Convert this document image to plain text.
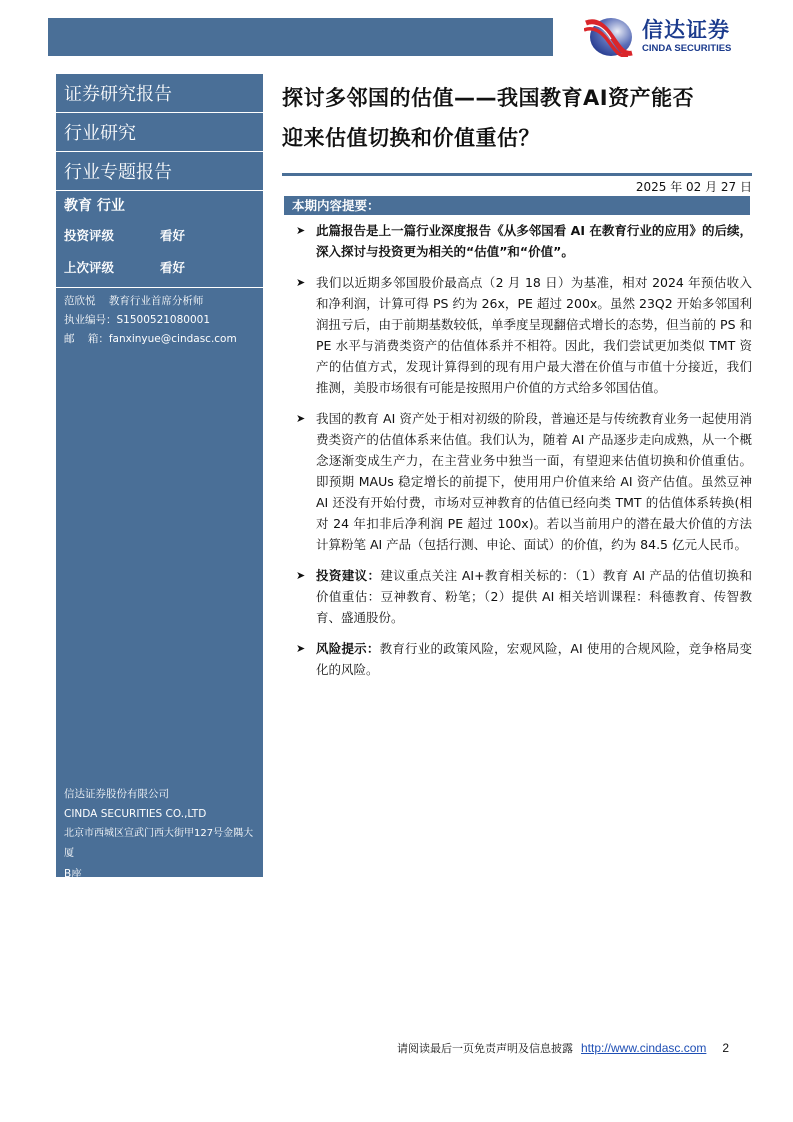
信达证券
CINDA SECURITIES
证券研究报告
行业研究
行业专题报告
教育 行业
投资评级	看好
上次评级	看好
范欣悦    教育行业首席分析师
执业编号：S1500521080001
邮    箱：fanxinyue@cindasc.com
信达证券股份有限公司
CINDA SECURITIES CO.,LTD
北京市西城区宣武门西大街甲127号金隅大厦
B座
邮编：100031
探讨多邻国的估值——我国教育AI资产能否
迎来估值切换和价值重估？
2025 年 02 月 27 日
本期内容提要：
➤ 此篇报告是上一篇行业深度报告《从多邻国看 AI 在教育行业的应用》的后续，深入探讨与投资更为相关的“估值”和“价值”。
➤ 我们以近期多邻国股价最高点（2 月 18 日）为基准，相对 2024 年预估收入和净利润，计算可得 PS 约为 26x，PE 超过 200x。虽然 23Q2 开始多邻国利润扭亏后，由于前期基数较低，单季度呈现翻倍式增长的态势，但当前的 PS 和 PE 水平与消费类资产的估值体系并不相符。因此，我们尝试更加类似 TMT 资产的估值方式，发现计算得到的现有用户最大潜在价值与市值十分接近，我们推测，美股市场很有可能是按照用户价值的方式给多邻国估值。
➤ 我国的教育 AI 资产处于相对初级的阶段，普遍还是与传统教育业务一起使用消费类资产的估值体系来估值。我们认为，随着 AI 产品逐步走向成熟，从一个概念逐渐变成生产力，在主营业务中独当一面，有望迎来估值切换和价值重估。即预期 MAUs 稳定增长的前提下，使用用户价值来给 AI 资产估值。虽然豆神 AI 还没有开始付费，市场对豆神教育的估值已经向类 TMT 的估值体系转换(相对 24 年扣非后净利润 PE 超过 100x)。若以当前用户的潜在最大价值的方法计算粉笔 AI 产品（包括行测、申论、面试）的价值，约为 84.5 亿元人民币。
➤ 投资建议：建议重点关注 AI+教育相关标的：（1）教育 AI 产品的估值切换和价值重估：豆神教育、粉笔；（2）提供 AI 相关培训课程：科德教育、传智教育、盛通股份。
➤ 风险提示：教育行业的政策风险，宏观风险，AI 使用的合规风险，竞争格局变化的风险。
请阅读最后一页免责声明及信息披露 http://www.cindasc.com 2
